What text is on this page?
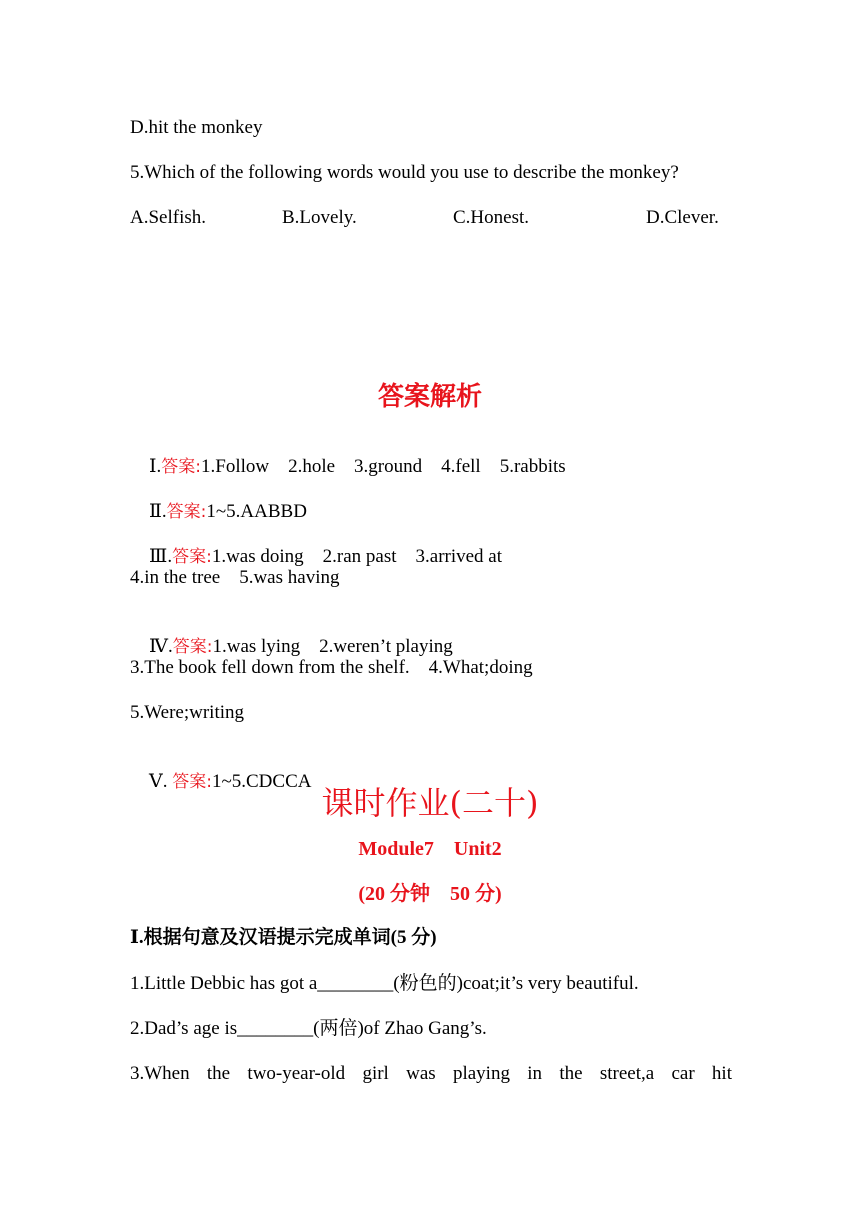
D.hit the monkey
5.Which of the following words would you use to describe the monkey?
A.Selfish.	B.Lovely.	C.Honest.	D.Clever.
答案解析

Ⅰ.答案:1.Follow    2.hole    3.ground    4.fell    5.rabbits

Ⅱ.答案:1~5.AABBD

Ⅲ.答案:1.was doing    2.ran past    3.arrived at

4.in the tree    5.was having

Ⅳ.答案:1.was lying    2.weren’t playing

3.The book fell down from the shelf.    4.What;doing
5.Were;writing

Ⅴ. 答案:1~5.CDCCA

课时作业(二十)
Module7    Unit2
(20 分钟    50 分)
Ⅰ.根据句意及汉语提示完成单词(5 分)
1.Little Debbic has got a________(粉色的)coat;it’s very beautiful.
2.Dad’s age is________(两倍)of Zhao Gang’s.
3.When the two-year-old girl was playing in the street,a car hit
